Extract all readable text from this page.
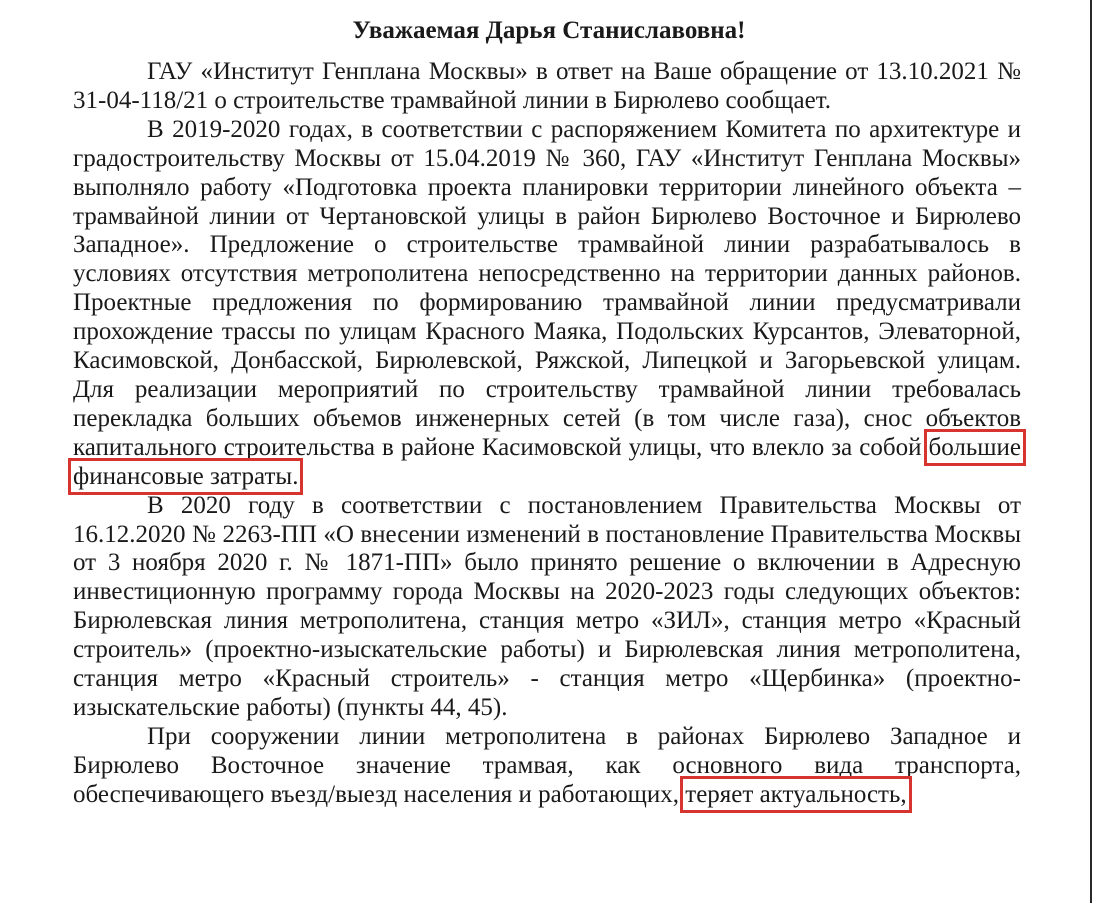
Уважаемая Дарья Станиславовна!

ГАУ «Институт Генплана Москвы» в ответ на Ваше обращение от 13.10.2021 № 31-04-118/21 о строительстве трамвайной линии в Бирюлево сообщает.

В 2019-2020 годах, в соответствии с распоряжением Комитета по архитектуре и градостроительству Москвы от 15.04.2019 № 360, ГАУ «Институт Генплана Москвы» выполняло работу «Подготовка проекта планировки территории линейного объекта – трамвайной линии от Чертановской улицы в район Бирюлево Восточное и Бирюлево Западное». Предложение о строительстве трамвайной линии разрабатывалось в условиях отсутствия метрополитена непосредственно на территории данных районов. Проектные предложения по формированию трамвайной линии предусматривали прохождение трассы по улицам Красного Маяка, Подольских Курсантов, Элеваторной, Касимовской, Донбасской, Бирюлевской, Ряжской, Липецкой и Загорьевской улицам. Для реализации мероприятий по строительству трамвайной линии требовалась перекладка больших объемов инженерных сетей (в том числе газа), снос объектов капитального строительства в районе Касимовской улицы, что влекло за собой большие финансовые затраты.

В 2020 году в соответствии с постановлением Правительства Москвы от 16.12.2020 № 2263-ПП «О внесении изменений в постановление Правительства Москвы от 3 ноября 2020 г. № 1871-ПП» было принято решение о включении в Адресную инвестиционную программу города Москвы на 2020-2023 годы следующих объектов: Бирюлевская линия метрополитена, станция метро «ЗИЛ», станция метро «Красный строитель» (проектно-изыскательские работы) и Бирюлевская линия метрополитена, станция метро «Красный строитель» - станция метро «Щербинка» (проектно-изыскательские работы) (пункты 44, 45).

При сооружении линии метрополитена в районах Бирюлево Западное и Бирюлево Восточное значение трамвая, как основного вида транспорта, обеспечивающего въезд/выезд населения и работающих, теряет актуальность,
